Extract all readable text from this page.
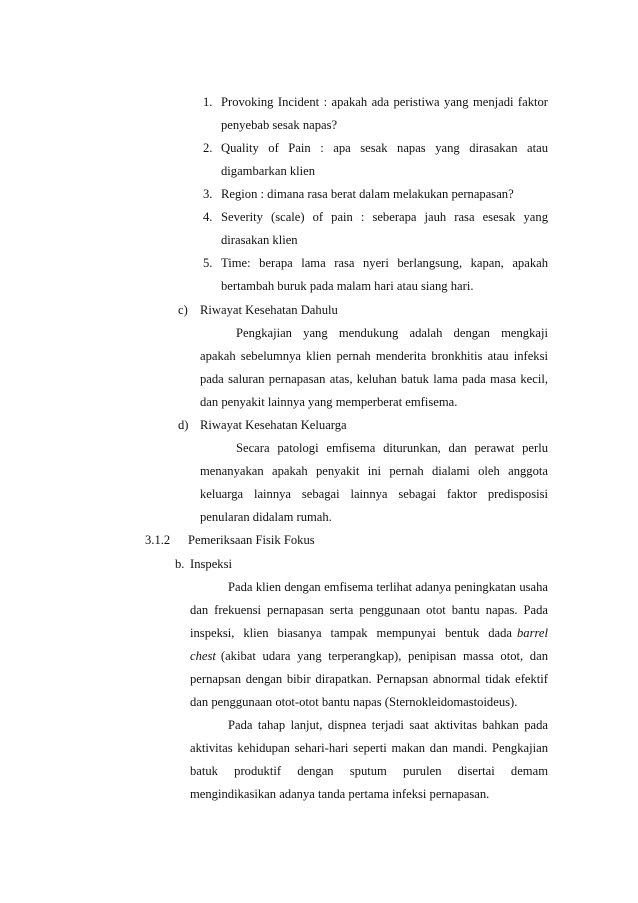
1. Provoking Incident : apakah ada peristiwa yang menjadi faktor
penyebab sesak napas?
2. Quality of Pain : apa sesak napas yang dirasakan atau
digambarkan klien
3. Region : dimana rasa berat dalam melakukan pernapasan?
4. Severity (scale) of pain : seberapa jauh rasa esesak yang
dirasakan klien
5. Time: berapa lama rasa nyeri berlangsung, kapan, apakah
bertambah buruk pada malam hari atau siang hari.
c) Riwayat Kesehatan Dahulu
Pengkajian yang mendukung adalah dengan mengkaji
apakah sebelumnya klien pernah menderita bronkhitis atau infeksi
pada saluran pernapasan atas, keluhan batuk lama pada masa kecil,
dan penyakit lainnya yang memperberat emfisema.
d) Riwayat Kesehatan Keluarga
Secara patologi emfisema diturunkan, dan perawat perlu
menanyakan apakah penyakit ini pernah dialami oleh anggota
keluarga lainnya sebagai lainnya sebagai faktor predisposisi
penularan didalam rumah.
3.1.2 Pemeriksaan Fisik Fokus
b. Inspeksi
Pada klien dengan emfisema terlihat adanya peningkatan usaha
dan frekuensi pernapasan serta penggunaan otot bantu napas. Pada
inspeksi, klien biasanya tampak mempunyai bentuk dada barrel
chest (akibat udara yang terperangkap), penipisan massa otot, dan
pernapsan dengan bibir dirapatkan. Pernapsan abnormal tidak efektif
dan penggunaan otot-otot bantu napas (Sternokleidomastoideus).
Pada tahap lanjut, dispnea terjadi saat aktivitas bahkan pada
aktivitas kehidupan sehari-hari seperti makan dan mandi. Pengkajian
batuk produktif dengan sputum purulen disertai demam
mengindikasikan adanya tanda pertama infeksi pernapasan.
